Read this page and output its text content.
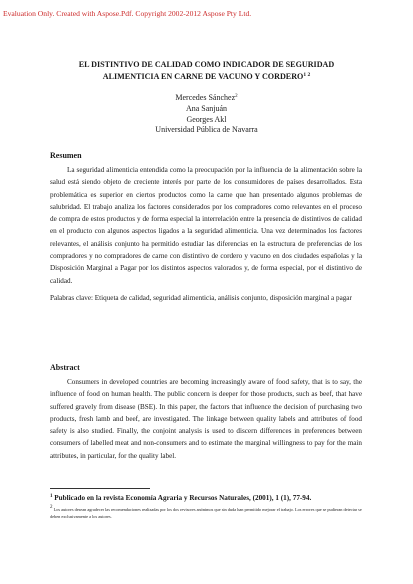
Evaluation Only. Created with Aspose.Pdf. Copyright 2002-2012 Aspose Pty Ltd.
EL DISTINTIVO DE CALIDAD COMO INDICADOR DE SEGURIDAD
ALIMENTICIA EN CARNE DE VACUNO Y $CORDERO^{1 2}$
Mercedes Sánchez$^2$
Ana Sanjuán
Georges Akl
Universidad Pública de Navarra
Resumen

La seguridad alimenticia entendida como la preocupación por la influencia de la alimentación sobre la salud está siendo objeto de creciente interés por parte de los consumidores de países desarrollados. Esta problemática es superior en ciertos productos como la carne que han presentado algunos problemas de salubridad. El trabajo analiza los factores considerados por los compradores como relevantes en el proceso de compra de estos productos y de forma especial la interrelación entre la presencia de distintivos de calidad en el producto con algunos aspectos ligados a la seguridad alimenticia. Una vez determinados los factores relevantes, el análisis conjunto ha permitido estudiar las diferencias en la estructura de preferencias de los compradores y no compradores de carne con distintivo de cordero y vacuno en dos ciudades españolas y la Disposición Marginal a Pagar por los distintos aspectos valorados y, de forma especial, por el distintivo de calidad.

Palabras clave: Etiqueta de calidad, seguridad alimenticia, análisis conjunto, disposición marginal a pagar

Abstract

Consumers in developed countries are becoming increasingly aware of food safety, that is to say, the influence of food on human health. The public concern is deeper for those products, such as beef, that have suffered gravely from disease (BSE). In this paper, the factors that influence the decision of purchasing two products, fresh lamb and beef, are investigated. The linkage between quality labels and attributes of food safety is also studied. Finally, the conjoint analysis is used to discern differences in preferences between consumers of labelled meat and non-consumers and to estimate the marginal willingness to pay for the main attributes, in particular, for the quality label.

$^1$ Publicado en la revista Economía Agraria y Recursos Naturales, (2001), 1 (1), 77-94.

$^2$ Los autores desean agradecer las recomendaciones realizadas por los dos revisores anónimos que sin duda han permitido mejorar el trabajo. Los errores que se pudieran detectar se deben exclusivamente a los autores.
